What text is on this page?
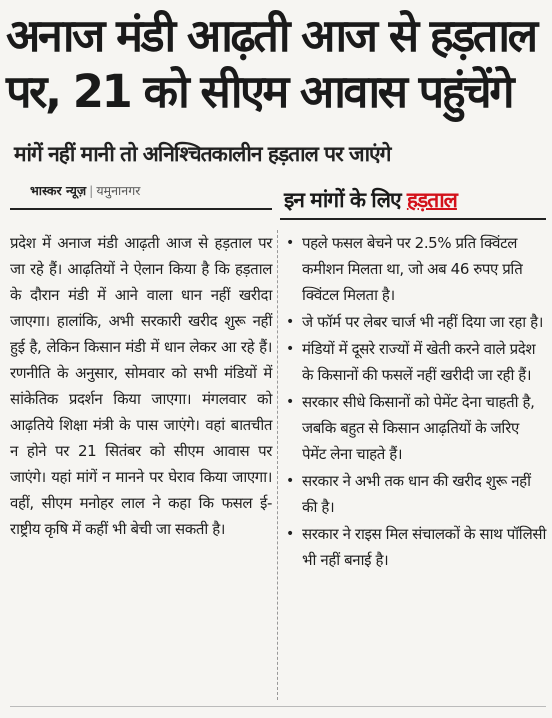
अनाज मंडी आढ़ती आज से हड़ताल पर, 21 को सीएम आवास पहुंचेंगे
मांगें नहीं मानी तो अनिश्चितकालीन हड़ताल पर जाएंगे
भास्कर न्यूज़ | यमुनानगर	इन मांगों के लिए हड़ताल

प्रदेश में अनाज मंडी आढ़ती आज से हड़ताल पर जा रहे हैं। आढ़तियों ने ऐलान किया है कि हड़ताल के दौरान मंडी में आने वाला धान नहीं खरीदा जाएगा। हालांकि, अभी सरकारी खरीद शुरू नहीं हुई है, लेकिन किसान मंडी में धान लेकर आ रहे हैं। रणनीति के अनुसार, सोमवार को सभी मंडियों में सांकेतिक प्रदर्शन किया जाएगा। मंगलवार को आढ़तिये शिक्षा मंत्री के पास जाएंगे। वहां बातचीत न होने पर 21 सितंबर को सीएम आवास पर जाएंगे। यहां मांगें न मानने पर घेराव किया जाएगा। वहीं, सीएम मनोहर लाल ने कहा कि फसल ई-राष्ट्रीय कृषि में कहीं भी बेची जा सकती है।

• पहले फसल बेचने पर 2.5% प्रति क्विंटल कमीशन मिलता था, जो अब 46 रुपए प्रति क्विंटल मिलता है।
• जे फॉर्म पर लेबर चार्ज भी नहीं दिया जा रहा है।
• मंडियों में दूसरे राज्यों में खेती करने वाले प्रदेश के किसानों की फसलें नहीं खरीदी जा रही हैं।
• सरकार सीधे किसानों को पेमेंट देना चाहती है, जबकि बहुत से किसान आढ़तियों के जरिए पेमेंट लेना चाहते हैं।
• सरकार ने अभी तक धान की खरीद शुरू नहीं की है।
• सरकार ने राइस मिल संचालकों के साथ पॉलिसी भी नहीं बनाई है।
